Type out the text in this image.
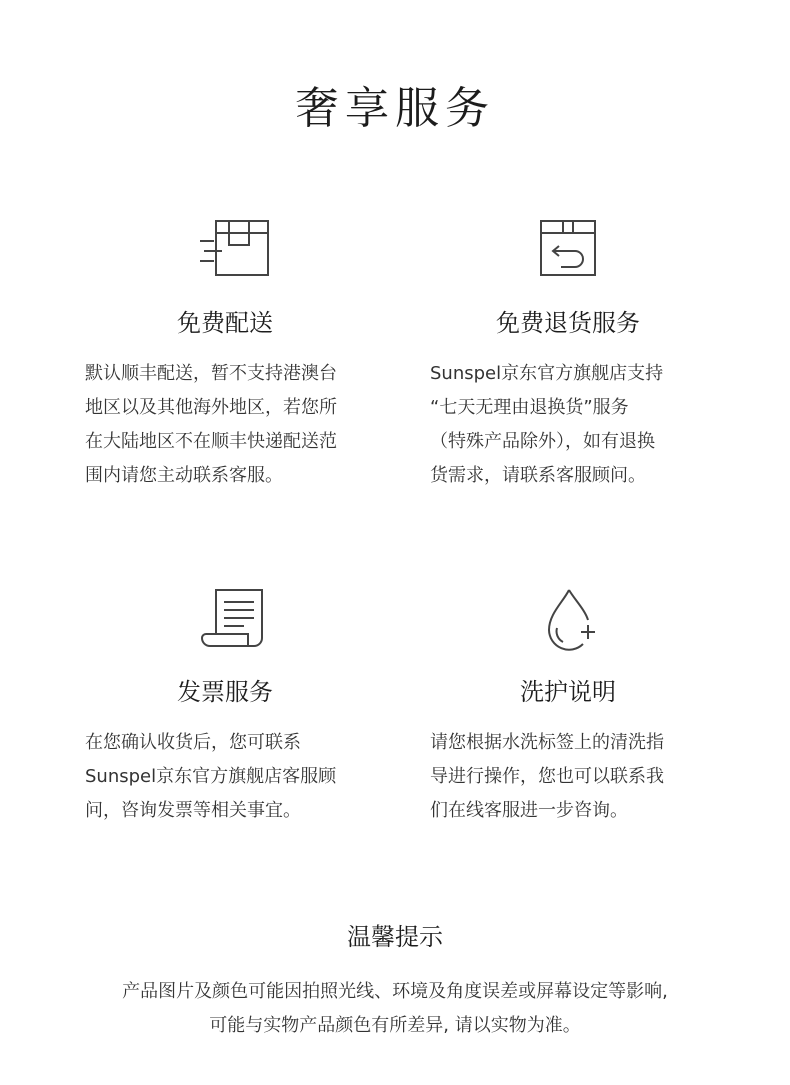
奢享服务
免费配送
默认顺丰配送，暂不支持港澳台
地区以及其他海外地区，若您所
在大陆地区不在顺丰快递配送范
围内请您主动联系客服。
免费退货服务
Sunspel京东官方旗舰店支持
“七天无理由退换货”服务
（特殊产品除外），如有退换
货需求，请联系客服顾问。
发票服务
在您确认收货后，您可联系
Sunspel京东官方旗舰店客服顾
问，咨询发票等相关事宜。
洗护说明
请您根据水洗标签上的清洗指
导进行操作，您也可以联系我
们在线客服进一步咨询。
温馨提示
产品图片及颜色可能因拍照光线、环境及角度误差或屏幕设定等影响,
可能与实物产品颜色有所差异, 请以实物为准。
